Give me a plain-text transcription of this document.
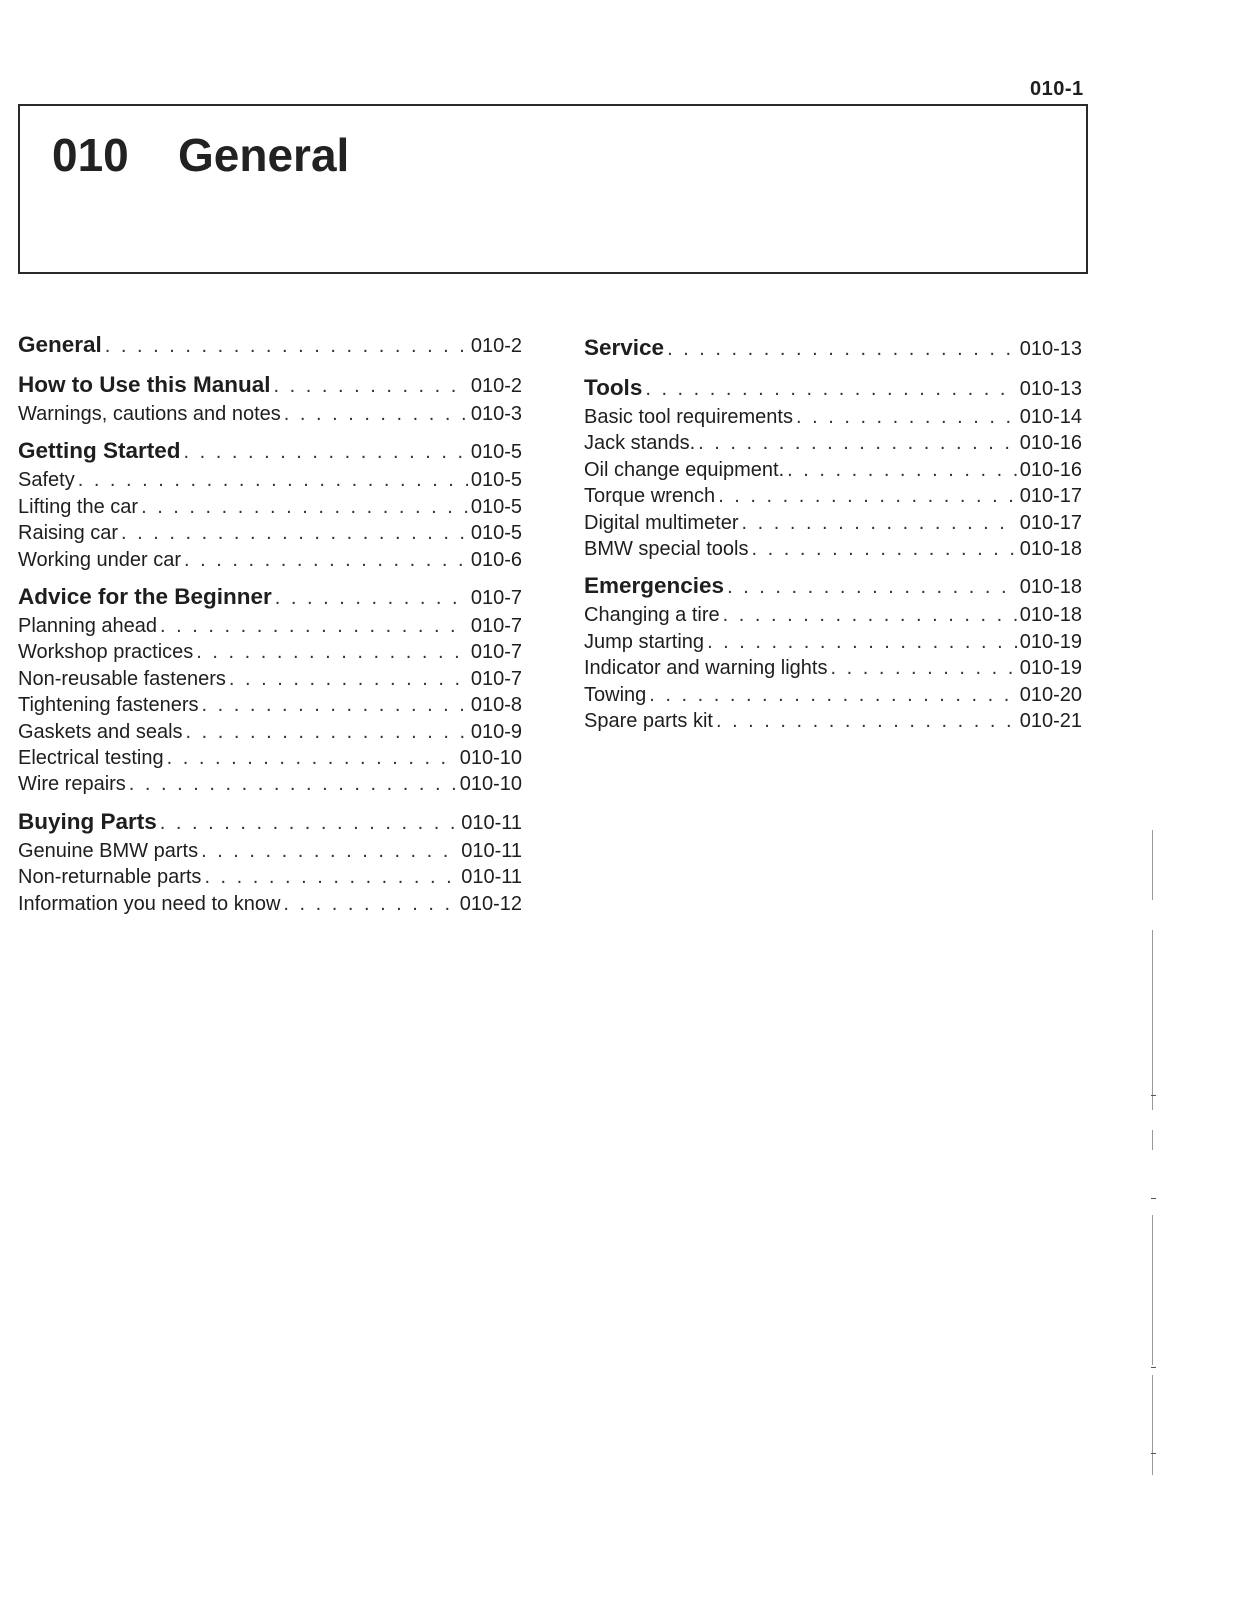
010-1
010 General
General . . .	010-2
How to Use this Manual . . .	010-2
Warnings, cautions and notes . . .	010-3
Getting Started . . .	010-5
Safety . . .	010-5
Lifting the car . . .	010-5
Raising car . . .	010-5
Working under car . . .	010-6
Advice for the Beginner . . .	010-7
Planning ahead . . .	010-7
Workshop practices . . .	010-7
Non-reusable fasteners . . .	010-7
Tightening fasteners . . .	010-8
Gaskets and seals . . .	010-9
Electrical testing . . .	010-10
Wire repairs . . .	010-10
Buying Parts . . .	010-11
Genuine BMW parts . . .	010-11
Non-returnable parts . . .	010-11
Information you need to know . . .	010-12
Service . . .	010-13
Tools . . .	010-13
Basic tool requirements . . .	010-14
Jack stands. . . .	010-16
Oil change equipment. . . .	010-16
Torque wrench . . .	010-17
Digital multimeter . . .	010-17
BMW special tools . . .	010-18
Emergencies . . .	010-18
Changing a tire . . .	010-18
Jump starting . . .	010-19
Indicator and warning lights . . .	010-19
Towing . . .	010-20
Spare parts kit . . .	010-21
